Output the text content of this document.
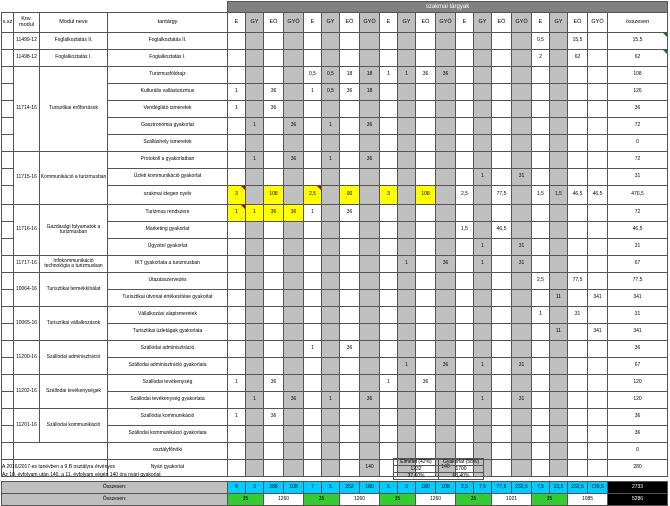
				szakmai tárgyak																				
s.sz	Kov. modul	Modul neve	tantárgy	E	GY	EÖ	GYÖ	E	GY	EÖ	GYÖ	E	GY	EÖ	GYÖ	E	GY	EÖ	GYÖ	E	GY	EÖ	GYÖ	összesen
	11499-12	Foglalkoztatás II.	Foglalkoztatás II.																	0,5		15,5		15,5
	11498-12	Foglalkoztatás I.	Foglalkoztatás I.																	2		62		62
	11714-16	Turisztikai erőforrások	Turizmusföldrajz					0,5	0,5	18	18	1	1	36	36									108
			Kulturális vallásturizmus	1		36		1	0,5	36	18													126
			Vendéglátó ismeretek	1		36																		36
			Gasztronómia gyakorlat		1		36		1		36													72
			Szálláshely ismeretek																					0
	11715-16	Kommunikáció a turizmusban	Protokoll a gyakorlatban		1		36		1		36													72
			Üzleti kommunikáció gyakorlat														1		31					31
			szakmai idegen nyelv	3		108		2,5		90		3		108		2,5		77,5		1,5	1,5	46,5	46,5	476,5
	11716-16	Gazdasági folyamatok a turizmusban	Turizmus rendszere	1	1	36	36	1		36														72
			Marketing gyakorlat													1,5		46,5						46,5
			Ügyvitel gyakorlat														1		31					31
	11717-16	Infokommunikáció technológia a turizmusban	IKT gyakorlata a turizmusban										1		36		1		31					67
	10064-16	Turisztikai termékkínálat	Utazásszervezés																	2,5		77,5		77,5
			Turisztikai útvonal értékesítése gyakorlat																		11		341	341
	10065-16	Turisztikai vállalkozások	Vállalkozási alapismeretek																	1		31		31
			Turisztikai üzletágak gyakorlata																		11		341	341
	11200-16	Szállodai adminisztráció	Szállodai adminisztráció					1		36														36
			Szállodai adminisztráció gyakorlata										1		36		1		31					67
	11202-16	Szállodai tevékenységek	Szállodai tevékenység	1		36						1		36										120
			Szállodai tevékenység gyakorlata		1		36		1		36						1		31					120
	11201-16	Szállodai kommunikáció	Szállodai kommunikáció	1		36																		36
			Szállodai kommunikáció gyakorlata																					36
			osztályfőnöki																					0
			Nyári gyakorlat								140				140									280

Összesen:				8	3	288	108	7	5	252	180	5	3	180	108	2,5	7,5	77,5	232,5	7,5	23,5	232,5	728,5	2733
Összesen:				35		1260		35		1260		35		1260		35		1021		35		1085		5286
A 2016/2017-es tanévben a 9.B osztályra érvényes
Az 10. évfolyam után 140, a 11. évfolyam végén 140 óra nyári gyakorlat
Elmélet (42%)	Gyakorlat (58%)
1232	1700
37,60%	63,40%
